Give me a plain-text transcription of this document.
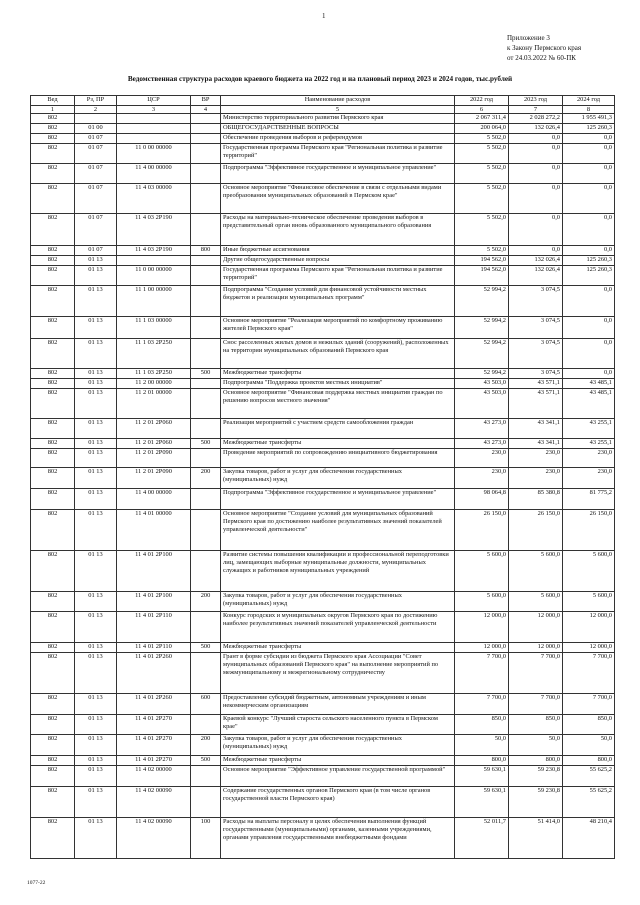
1
Приложение 3
к Закону Пермского края
от 24.03.2022 № 60-ПК
Ведомственная структура расходов краевого бюджета на 2022 год и на плановый период 2023 и 2024 годов, тыс.рублей
Вед	Рз, ПР	ЦСР	ВР	Наименование расходов	2022 год	2023 год	2024 год
1	2	3	4	5	6	7	8
802				Министерство территориального развития Пермского края	2 067 311,4	2 028 272,2	1 955 491,3
802	01 00			ОБЩЕГОСУДАРСТВЕННЫЕ ВОПРОСЫ	200 064,0	132 026,4	125 260,3
802	01 07			Обеспечение проведения выборов и референдумов	5 502,0	0,0	0,0
802	01 07	11 0 00 00000		Государственная программа Пермского края "Региональная политика и развитие территорий"	5 502,0	0,0	0,0
802	01 07	11 4 00 00000		Подпрограмма "Эффективное государственное и муниципальное управление"	5 502,0	0,0	0,0
802	01 07	11 4 03 00000		Основное мероприятие "Финансовое обеспечение в связи с отдельными видами преобразования муниципальных образований в Пермском крае"	5 502,0	0,0	0,0
802	01 07	11 4 03 2P190		Расходы на материально-техническое обеспечение проведения выборов в представительный орган вновь образованного муниципального образования	5 502,0	0,0	0,0
802	01 07	11 4 03 2P190	800	Иные бюджетные ассигнования	5 502,0	0,0	0,0
802	01 13			Другие общегосударственные вопросы	194 562,0	132 026,4	125 260,3
802	01 13	11 0 00 00000		Государственная программа Пермского края "Региональная политика и развитие территорий"	194 562,0	132 026,4	125 260,3
802	01 13	11 1 00 00000		Подпрограмма "Создание условий для финансовой устойчивости местных бюджетов и реализации муниципальных программ"	52 994,2	3 074,5	0,0
802	01 13	11 1 03 00000		Основное мероприятие "Реализация мероприятий по комфортному проживанию жителей Пермского края"	52 994,2	3 074,5	0,0
802	01 13	11 1 03 2P250		Снос расселенных жилых домов и нежилых зданий (сооружений), расположенных на территории муниципальных образований Пермского края	52 994,2	3 074,5	0,0
802	01 13	11 1 03 2P250	500	Межбюджетные трансферты	52 994,2	3 074,5	0,0
802	01 13	11 2 00 00000		Подпрограмма "Поддержка проектов местных инициатив"	43 503,0	43 571,1	43 485,1
802	01 13	11 2 01 00000		Основное мероприятие "Финансовая поддержка местных инициатив граждан по решению вопросов местного значения"	43 503,0	43 571,1	43 485,1
802	01 13	11 2 01 2P060		Реализация мероприятий с участием средств самообложения граждан	43 273,0	43 341,1	43 255,1
802	01 13	11 2 01 2P060	500	Межбюджетные трансферты	43 273,0	43 341,1	43 255,1
802	01 13	11 2 01 2P090		Проведение мероприятий по сопровождению инициативного бюджетирования	230,0	230,0	230,0
802	01 13	11 2 01 2P090	200	Закупка товаров, работ и услуг для обеспечения государственных (муниципальных) нужд	230,0	230,0	230,0
802	01 13	11 4 00 00000		Подпрограмма "Эффективное государственное и муниципальное управление"	98 064,8	85 380,8	81 775,2
802	01 13	11 4 01 00000		Основное мероприятие "Создание условий для муниципальных образований Пермского края по достижению наиболее результативных значений показателей управленческой деятельности"	26 150,0	26 150,0	26 150,0
802	01 13	11 4 01 2P100		Развитие системы повышения квалификации и профессиональной переподготовки лиц, замещающих выборные муниципальные должности, муниципальных служащих и работников муниципальных учреждений	5 600,0	5 600,0	5 600,0
802	01 13	11 4 01 2P100	200	Закупка товаров, работ и услуг для обеспечения государственных (муниципальных) нужд	5 600,0	5 600,0	5 600,0
802	01 13	11 4 01 2P110		Конкурс городских и муниципальных округов Пермского края по достижению наиболее результативных значений показателей управленческой деятельности	12 000,0	12 000,0	12 000,0
802	01 13	11 4 01 2P110	500	Межбюджетные трансферты	12 000,0	12 000,0	12 000,0
802	01 13	11 4 01 2P260		Грант в форме субсидии из бюджета Пермского края Ассоциации "Совет муниципальных образований Пермского края" на выполнение мероприятий по межмуниципальному и межрегиональному сотрудничеству	7 700,0	7 700,0	7 700,0
802	01 13	11 4 01 2P260	600	Предоставление субсидий бюджетным, автономным учреждениям и иным некоммерческим организациям	7 700,0	7 700,0	7 700,0
802	01 13	11 4 01 2P270		Краевой конкурс "Лучший староста сельского населенного пункта в Пермском крае"	850,0	850,0	850,0
802	01 13	11 4 01 2P270	200	Закупка товаров, работ и услуг для обеспечения государственных (муниципальных) нужд	50,0	50,0	50,0
802	01 13	11 4 01 2P270	500	Межбюджетные трансферты	800,0	800,0	800,0
802	01 13	11 4 02 00000		Основное мероприятие "Эффективное управление государственной программой"	59 630,1	59 230,8	55 625,2
802	01 13	11 4 02 00090		Содержание государственных органов Пермского края (в том числе органов государственной власти Пермского края)	59 630,1	59 230,8	55 625,2
802	01 13	11 4 02 00090	100	Расходы на выплаты персоналу в целях обеспечения выполнения функций государственными (муниципальными) органами, казенными учреждениями, органами управления государственными внебюджетными фондами	52 011,7	51 414,0	48 210,4
1077-22
